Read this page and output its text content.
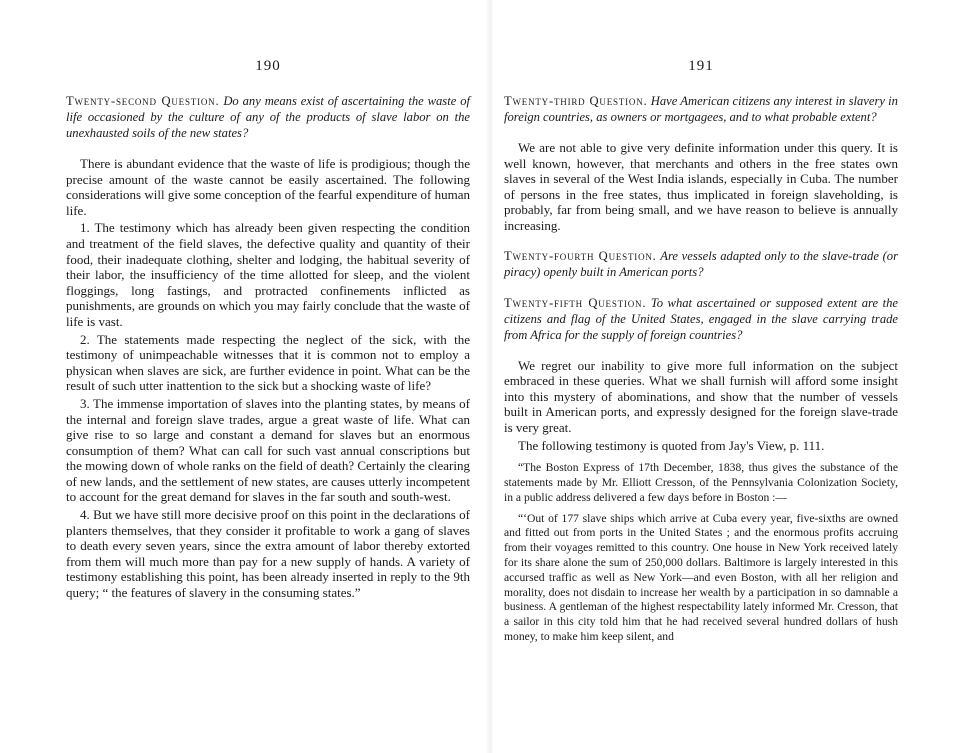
190

Twenty-second Question. Do any means exist of ascertaining the waste of life occasioned by the culture of any of the products of slave labor on the unexhausted soils of the new states?

There is abundant evidence that the waste of life is prodigious; though the precise amount of the waste cannot be easily ascertained. The following considerations will give some conception of the fearful expenditure of human life.

1. The testimony which has already been given respecting the condition and treatment of the field slaves, the defective quality and quantity of their food, their inadequate clothing, shelter and lodging, the habitual severity of their labor, the insufficiency of the time allotted for sleep, and the violent floggings, long fastings, and protracted confinements inflicted as punishments, are grounds on which you may fairly conclude that the waste of life is vast.

2. The statements made respecting the neglect of the sick, with the testimony of unimpeachable witnesses that it is common not to employ a physican when slaves are sick, are further evidence in point. What can be the result of such utter inattention to the sick but a shocking waste of life?

3. The immense importation of slaves into the planting states, by means of the internal and foreign slave trades, argue a great waste of life. What can give rise to so large and constant a demand for slaves but an enormous consumption of them? What can call for such vast annual conscriptions but the mowing down of whole ranks on the field of death? Certainly the clearing of new lands, and the settlement of new states, are causes utterly incompetent to account for the great demand for slaves in the far south and south-west.

4. But we have still more decisive proof on this point in the declarations of planters themselves, that they consider it profitable to work a gang of slaves to death every seven years, since the extra amount of labor thereby extorted from them will much more than pay for a new supply of hands. A variety of testimony establishing this point, has been already inserted in reply to the 9th query; “ the features of slavery in the consuming states.”

191

Twenty-third Question. Have American citizens any interest in slavery in foreign countries, as owners or mortgagees, and to what probable extent?

We are not able to give very definite information under this query. It is well known, however, that merchants and others in the free states own slaves in several of the West India islands, especially in Cuba. The number of persons in the free states, thus implicated in foreign slaveholding, is probably, far from being small, and we have reason to believe is annually increasing.

Twenty-fourth Question. Are vessels adapted only to the slave-trade (or piracy) openly built in American ports?

Twenty-fifth Question. To what ascertained or supposed extent are the citizens and flag of the United States, engaged in the slave carrying trade from Africa for the supply of foreign countries?

We regret our inability to give more full information on the subject embraced in these queries. What we shall furnish will afford some insight into this mystery of abominations, and show that the number of vessels built in American ports, and expressly designed for the foreign slave-trade is very great.

The following testimony is quoted from Jay's View, p. 111.

“The Boston Express of 17th December, 1838, thus gives the substance of the statements made by Mr. Elliott Cresson, of the Pennsylvania Colonization Society, in a public address delivered a few days before in Boston :—

“‘Out of 177 slave ships which arrive at Cuba every year, five-sixths are owned and fitted out from ports in the United States ; and the enormous profits accruing from their voyages remitted to this country. One house in New York received lately for its share alone the sum of 250,000 dollars. Baltimore is largely interested in this accursed traffic as well as New York—and even Boston, with all her religion and morality, does not disdain to increase her wealth by a participation in so damnable a business. A gentleman of the highest respectability lately informed Mr. Cresson, that a sailor in this city told him that he had received several hundred dollars of hush money, to make him keep silent, and
